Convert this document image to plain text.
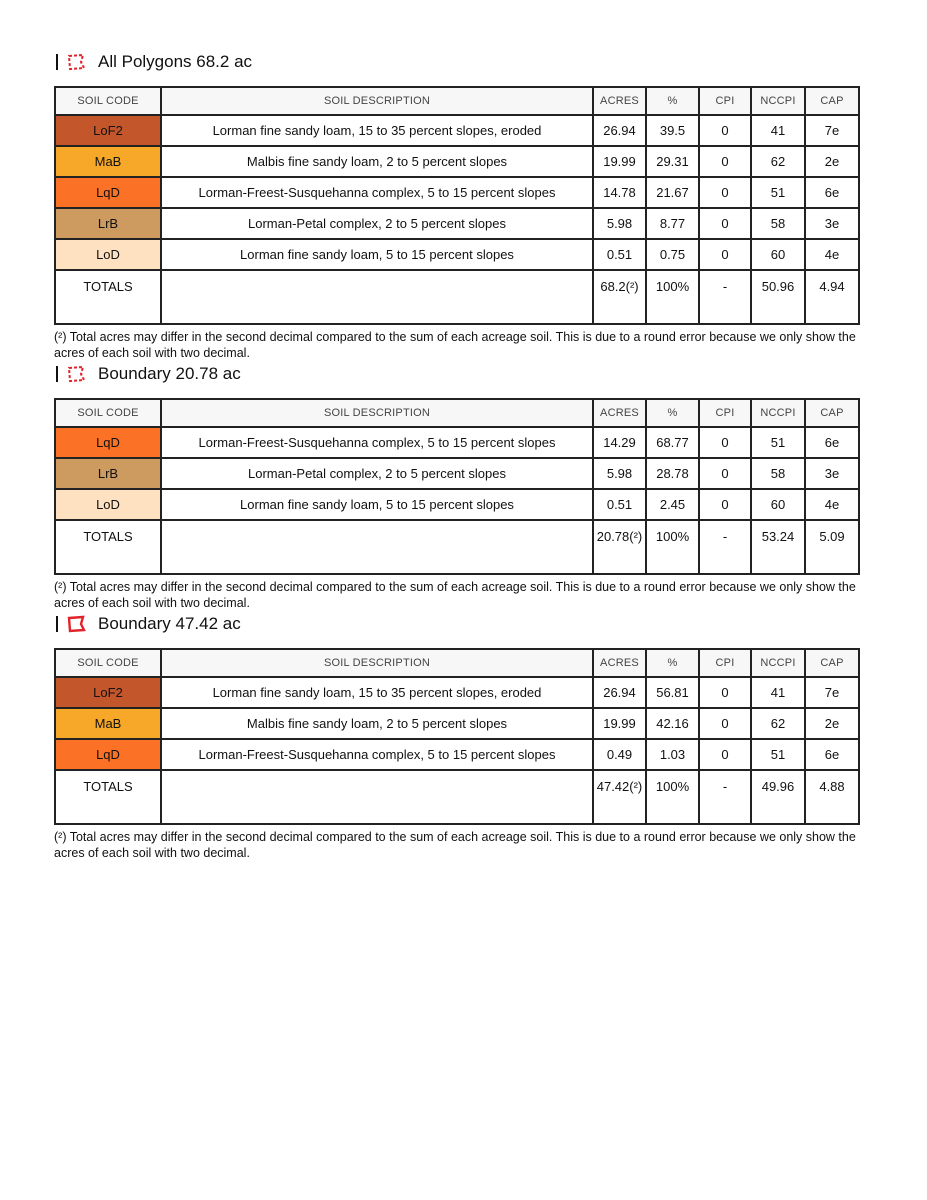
All Polygons 68.2 ac
SOIL CODE	SOIL DESCRIPTION	ACRES	%	CPI	NCCPI	CAP
LoF2	Lorman fine sandy loam, 15 to 35 percent slopes, eroded	26.94	39.5	0	41	7e
MaB	Malbis fine sandy loam, 2 to 5 percent slopes	19.99	29.31	0	62	2e
LqD	Lorman-Freest-Susquehanna complex, 5 to 15 percent slopes	14.78	21.67	0	51	6e
LrB	Lorman-Petal complex, 2 to 5 percent slopes	5.98	8.77	0	58	3e
LoD	Lorman fine sandy loam, 5 to 15 percent slopes	0.51	0.75	0	60	4e
TOTALS		68.2(²)	100%	-	50.96	4.94
(²) Total acres may differ in the second decimal compared to the sum of each acreage soil. This is due to a round error because we only show the acres of each soil with two decimal.
Boundary 20.78 ac
SOIL CODE	SOIL DESCRIPTION	ACRES	%	CPI	NCCPI	CAP
LqD	Lorman-Freest-Susquehanna complex, 5 to 15 percent slopes	14.29	68.77	0	51	6e
LrB	Lorman-Petal complex, 2 to 5 percent slopes	5.98	28.78	0	58	3e
LoD	Lorman fine sandy loam, 5 to 15 percent slopes	0.51	2.45	0	60	4e
TOTALS		20.78(²)	100%	-	53.24	5.09
(²) Total acres may differ in the second decimal compared to the sum of each acreage soil. This is due to a round error because we only show the acres of each soil with two decimal.
Boundary 47.42 ac
SOIL CODE	SOIL DESCRIPTION	ACRES	%	CPI	NCCPI	CAP
LoF2	Lorman fine sandy loam, 15 to 35 percent slopes, eroded	26.94	56.81	0	41	7e
MaB	Malbis fine sandy loam, 2 to 5 percent slopes	19.99	42.16	0	62	2e
LqD	Lorman-Freest-Susquehanna complex, 5 to 15 percent slopes	0.49	1.03	0	51	6e
TOTALS		47.42(²)	100%	-	49.96	4.88
(²) Total acres may differ in the second decimal compared to the sum of each acreage soil. This is due to a round error because we only show the acres of each soil with two decimal.
